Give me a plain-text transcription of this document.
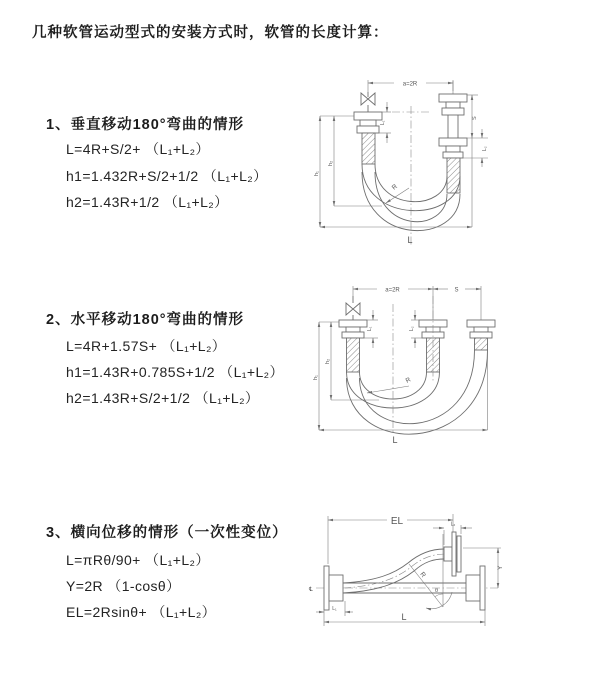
几种软管运动型式的安装方式时，软管的长度计算：
1、垂直移动180°弯曲的情形

L=4R+S/2+ （L₁+L₂）

h1=1.432R+S/2+1/2 （L₁+L₂）

h2=1.43R+1/2 （L₁+L₂）

2、水平移动180°弯曲的情形

L=4R+1.57S+ （L₁+L₂）

h1=1.43R+0.785S+1/2 （L₁+L₂）

h2=1.43R+S/2+1/2 （L₁+L₂）

3、横向位移的情形（一次性变位）

L=πRθ/90+ （L₁+L₂）

Y=2R （1-cosθ）

EL=2Rsinθ+ （L₁+L₂）

a=2R
R
h₁
h₂
L₁
S
L₂
L
a=2R	S
L₁	L₂
h₁
h₂
R
L
EL	L₂
℄
Y
R
θ
L₁
L
